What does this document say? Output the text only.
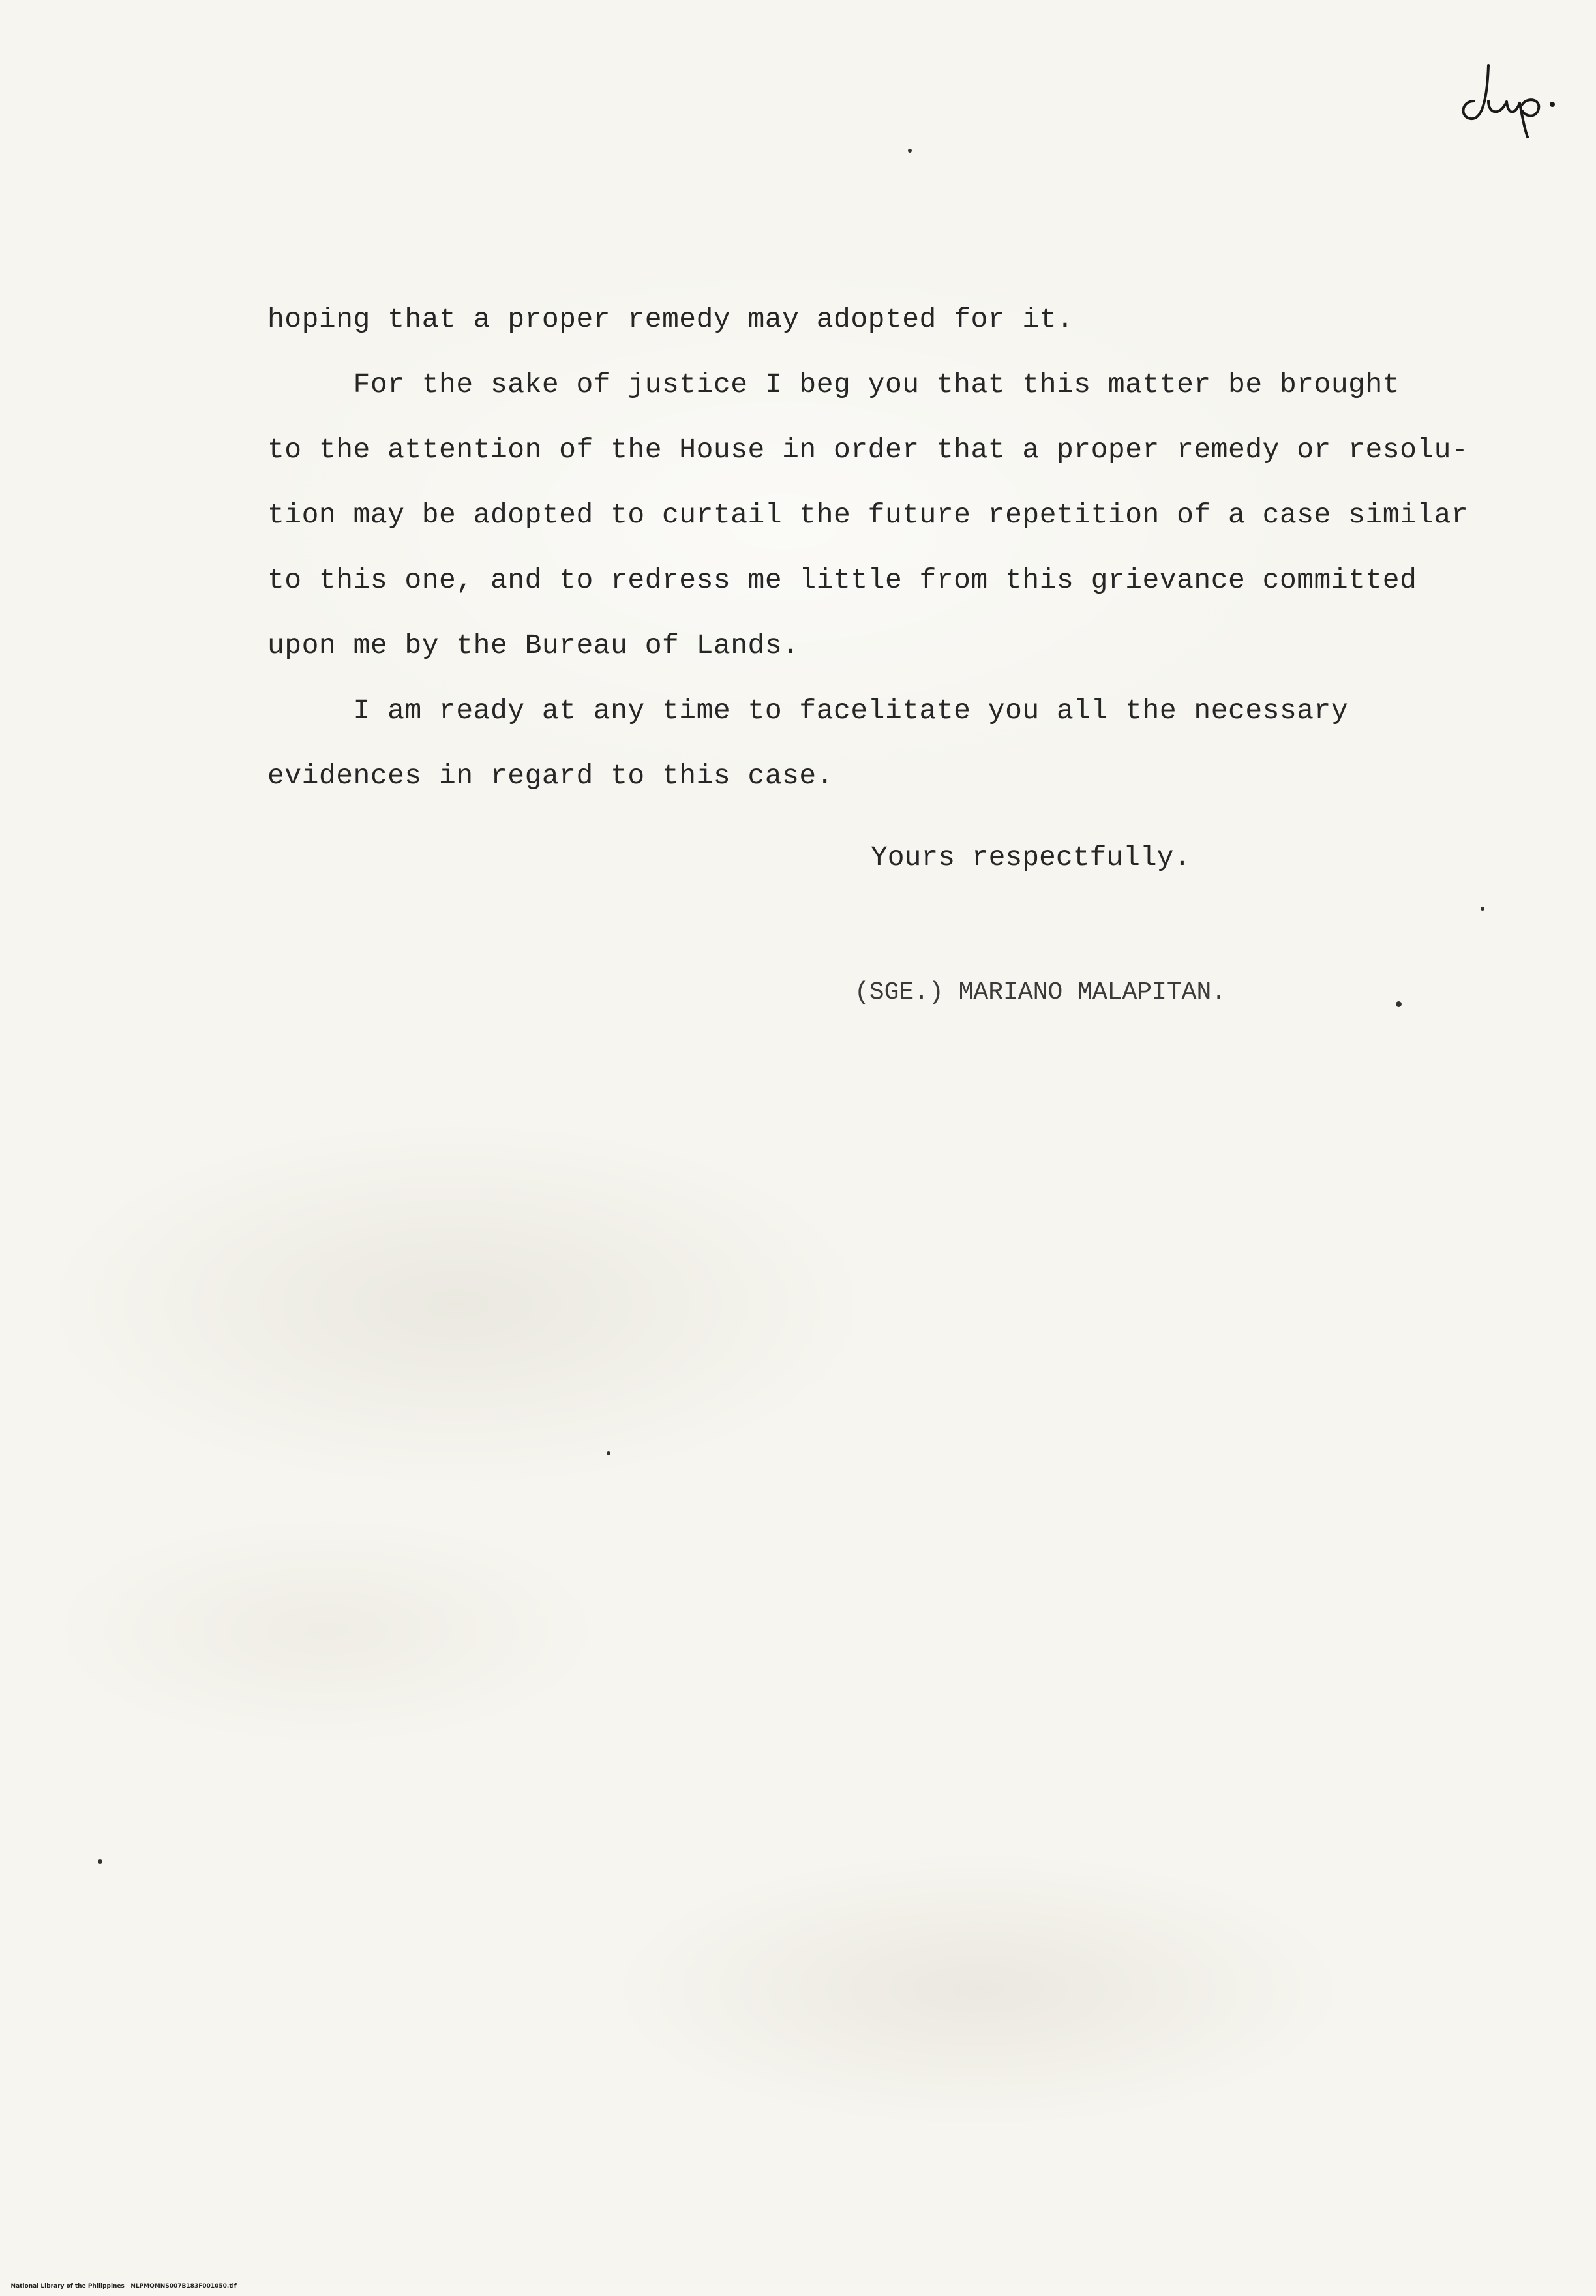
hoping that a proper remedy may adopted for it.

For the sake of justice I beg you that this matter be brought

to the attention of the House in order that a proper remedy or resolu-

tion may be adopted to curtail the future repetition of a case similar

to this one, and to redress me little from this grievance committed

upon me by the Bureau of Lands.

I am ready at any time to facelitate you all the necessary

evidences in regard to this case.

Yours respectfully.
(SGE.) MARIANO MALAPITAN.

National Library of the Philippines NLPMQMNS007B183F001050.tif
